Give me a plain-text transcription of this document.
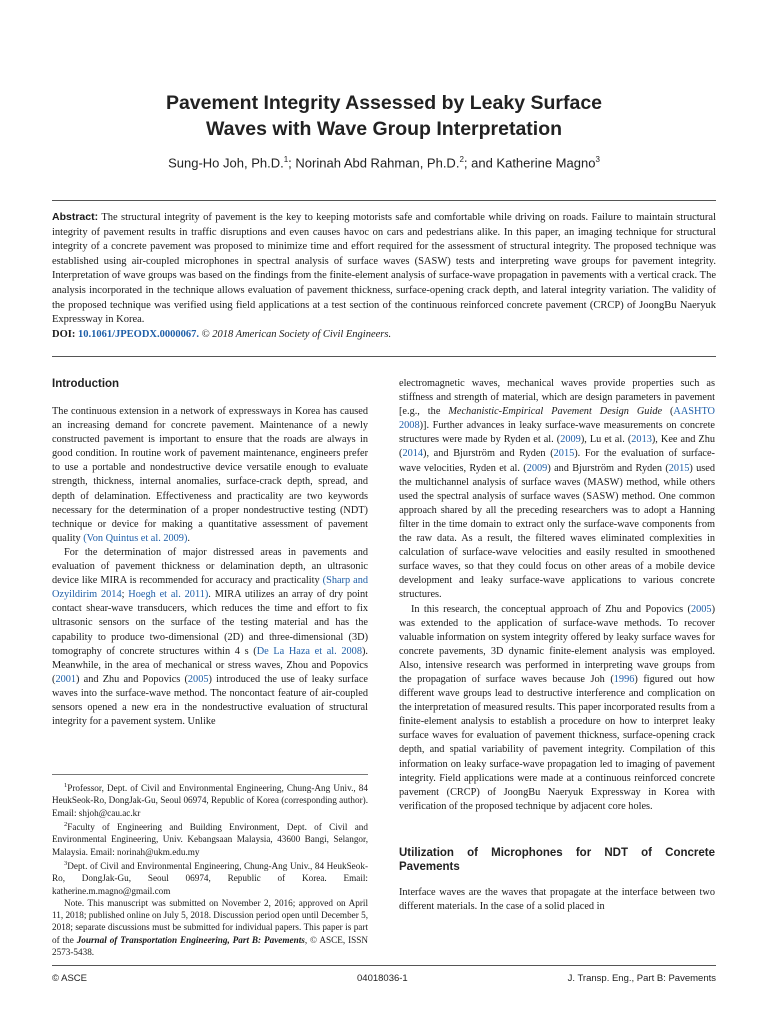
Pavement Integrity Assessed by Leaky Surface
Waves with Wave Group Interpretation
Sung-Ho Joh, Ph.D.$^1$; Norinah Abd Rahman, Ph.D.$^2$; and Katherine Magno$^3$
Abstract: The structural integrity of pavement is the key to keeping motorists safe and comfortable while driving on roads. Failure to maintain structural integrity of pavement results in traffic disruptions and even causes havoc on cars and pedestrians alike. In this paper, an imaging technique for structural integrity of a concrete pavement was proposed to minimize time and effort required for the assessment of structural integrity. The proposed technique was established using air-coupled microphones in spectral analysis of surface waves (SASW) tests and interpreting wave groups for pavement integrity. Interpretation of wave groups was based on the findings from the finite-element analysis of surface-wave propagation in pavements with a vertical crack. The analysis incorporated in the technique allows evaluation of pavement thickness, surface-opening crack depth, and lateral integrity variation. The validity of the proposed technique was verified using field applications at a test section of the continuous reinforced concrete pavement (CRCP) of JoongBu Naeryuk Expressway in Korea.
DOI: 10.1061/JPEODX.0000067. © 2018 American Society of Civil Engineers.
Introduction

The continuous extension in a network of expressways in Korea has caused an increasing demand for concrete pavement. Maintenance of a newly constructed pavement is important to ensure that the roads are always in good condition. In routine work of pavement maintenance, engineers prefer to use a portable and nondestructive device versatile enough to evaluate strength, thickness, internal anomalies, surface-crack depth, spread, and depth of delamination. Effectiveness and practicality are two keywords necessary for the determination of a proper nondestructive testing (NDT) technique or device for making a quantitative assessment of pavement quality (Von Quintus et al. 2009).

For the determination of major distressed areas in pavements and evaluation of pavement thickness or delamination depth, an ultrasonic device like MIRA is recommended for accuracy and practicality (Sharp and Ozyildirim 2014; Hoegh et al. 2011). MIRA utilizes an array of dry point contact shear-wave transducers, which reduces the time and effort to fix ultrasonic sensors on the surface of the testing material and has the capability to produce two-dimensional (2D) and three-dimensional (3D) tomography of concrete structures within 4 s (De La Haza et al. 2008). Meanwhile, in the area of mechanical or stress waves, Zhou and Popovics (2001) and Zhu and Popovics (2005) introduced the use of leaky surface waves into the surface-wave method. The noncontact feature of air-coupled sensors opened a new era in the nondestructive evaluation of structural integrity for a pavement system. Unlike

$^1$Professor, Dept. of Civil and Environmental Engineering, Chung-Ang Univ., 84 HeukSeok-Ro, DongJak-Gu, Seoul 06974, Republic of Korea (corresponding author). Email: shjoh@cau.ac.kr

$^2$Faculty of Engineering and Building Environment, Dept. of Civil and Environmental Engineering, Univ. Kebangsaan Malaysia, 43600 Bangi, Selangor, Malaysia. Email: norinah@ukm.edu.my

$^3$Dept. of Civil and Environmental Engineering, Chung-Ang Univ., 84 HeukSeok-Ro, DongJak-Gu, Seoul 06974, Republic of Korea. Email: katherine.m.magno@gmail.com

Note. This manuscript was submitted on November 2, 2016; approved on April 11, 2018; published online on July 5, 2018. Discussion period open until December 5, 2018; separate discussions must be submitted for individual papers. This paper is part of the Journal of Transportation Engineering, Part B: Pavements, © ASCE, ISSN 2573-5438.

electromagnetic waves, mechanical waves provide properties such as stiffness and strength of material, which are design parameters in pavement [e.g., the Mechanistic-Empirical Pavement Design Guide (AASHTO 2008)]. Further advances in leaky surface-wave measurements on concrete structures were made by Ryden et al. (2009), Lu et al. (2013), Kee and Zhu (2014), and Bjurström and Ryden (2015). For the evaluation of surface-wave velocities, Ryden et al. (2009) and Bjurström and Ryden (2015) used the multichannel analysis of surface waves (MASW) method, while others used the spectral analysis of surface waves (SASW) method. One common approach shared by all the preceding researchers was to adopt a Hanning filter in the time domain to extract only the surface-wave components from the raw data. As a result, the filtered waves eliminated complexities in calculation of surface-wave velocities and easily resulted in smoothened surface waves, so that they could focus on other areas of a mobile device development and leaky surface-wave applications to various concrete structures.

In this research, the conceptual approach of Zhu and Popovics (2005) was extended to the application of surface-wave methods. To recover valuable information on system integrity offered by leaky surface waves for concrete pavements, 3D dynamic finite-element analysis was employed. Also, intensive research was performed in interpreting wave groups from the propagation of surface waves because Joh (1996) figured out how different wave groups lead to destructive interference and complication on the interpretation of measured results. This paper incorporated results from a finite-element analysis to establish a procedure on how to interpret leaky surface waves for evaluation of pavement thickness, surface-opening crack depth, and spatial variability of pavement integrity. Compilation of this information on leaky surface-wave propagation led to imaging of pavement integrity. Field applications were made at a continuous reinforced concrete pavement (CRCP) of JoongBu Naeryuk Expressway in Korea with verification of the proposed technique by adjacent core holes.

Utilization of Microphones for NDT of Concrete Pavements

Interface waves are the waves that propagate at the interface between two different materials. In the case of a solid placed in

© ASCE	04018036-1	J. Transp. Eng., Part B: Pavements
